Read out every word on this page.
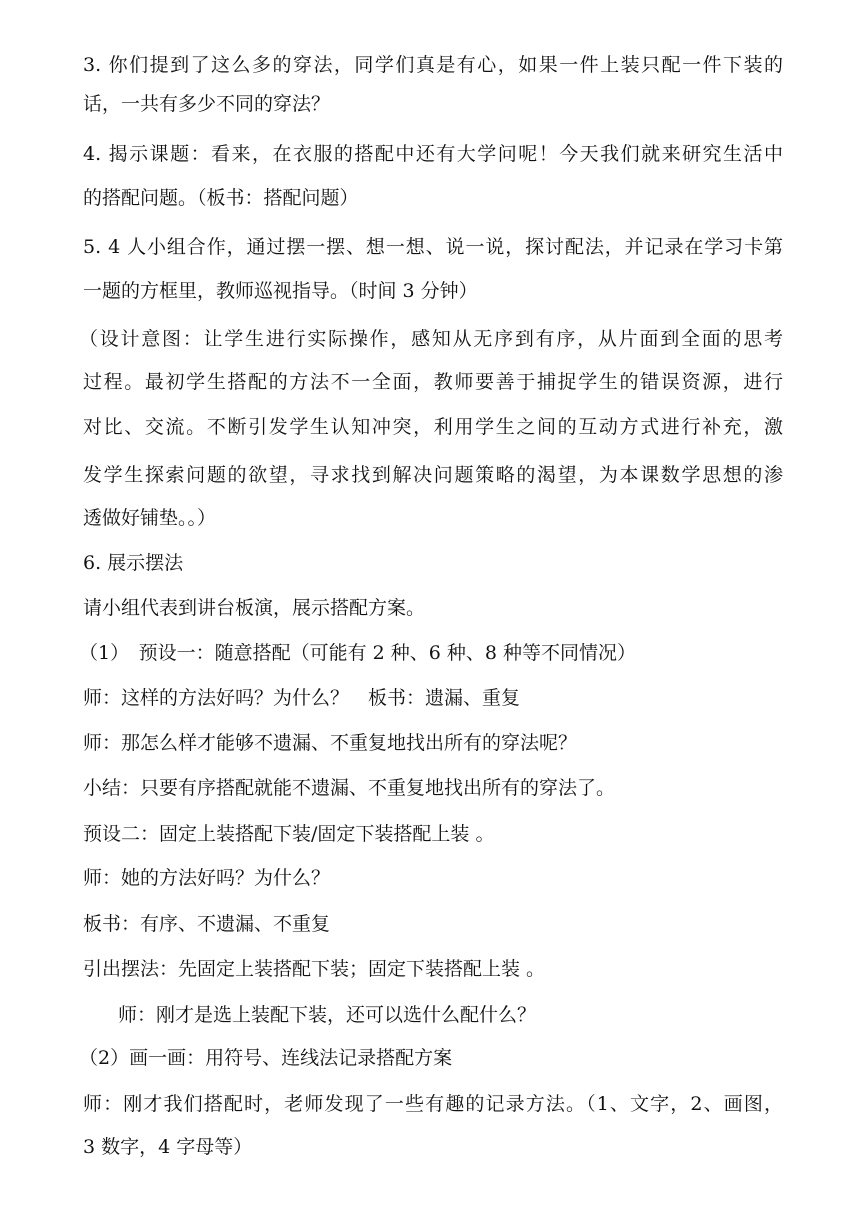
3. 你们提到了这么多的穿法，同学们真是有心，如果一件上装只配一件下装的
话，一共有多少不同的穿法？
4. 揭示课题：看来，在衣服的搭配中还有大学问呢！今天我们就来研究生活中
的搭配问题。（板书：搭配问题）
5. 4 人小组合作，通过摆一摆、想一想、说一说，探讨配法，并记录在学习卡第
一题的方框里，教师巡视指导。（时间 3 分钟）
（设计意图：让学生进行实际操作，感知从无序到有序，从片面到全面的思考
过程。最初学生搭配的方法不一全面，教师要善于捕捉学生的错误资源，进行
对比、交流。不断引发学生认知冲突，利用学生之间的互动方式进行补充，激
发学生探索问题的欲望，寻求找到解决问题策略的渴望，为本课数学思想的渗
透做好铺垫。。）
6. 展示摆法
请小组代表到讲台板演，展示搭配方案。
（1）　预设一：随意搭配（可能有 2 种、6 种、8 种等不同情况）
师：这样的方法好吗？为什么？　板书：遗漏、重复
师：那怎么样才能够不遗漏、不重复地找出所有的穿法呢？
小结：只要有序搭配就能不遗漏、不重复地找出所有的穿法了。
预设二：固定上装搭配下装/固定下装搭配上装 。
师：她的方法好吗？为什么？
板书：有序、不遗漏、不重复
引出摆法：先固定上装搭配下装；固定下装搭配上装 。
师：刚才是选上装配下装，还可以选什么配什么？
（2）画一画：用符号、连线法记录搭配方案
师：刚才我们搭配时，老师发现了一些有趣的记录方法。（1、文字，2、画图，
3 数字，4 字母等）
